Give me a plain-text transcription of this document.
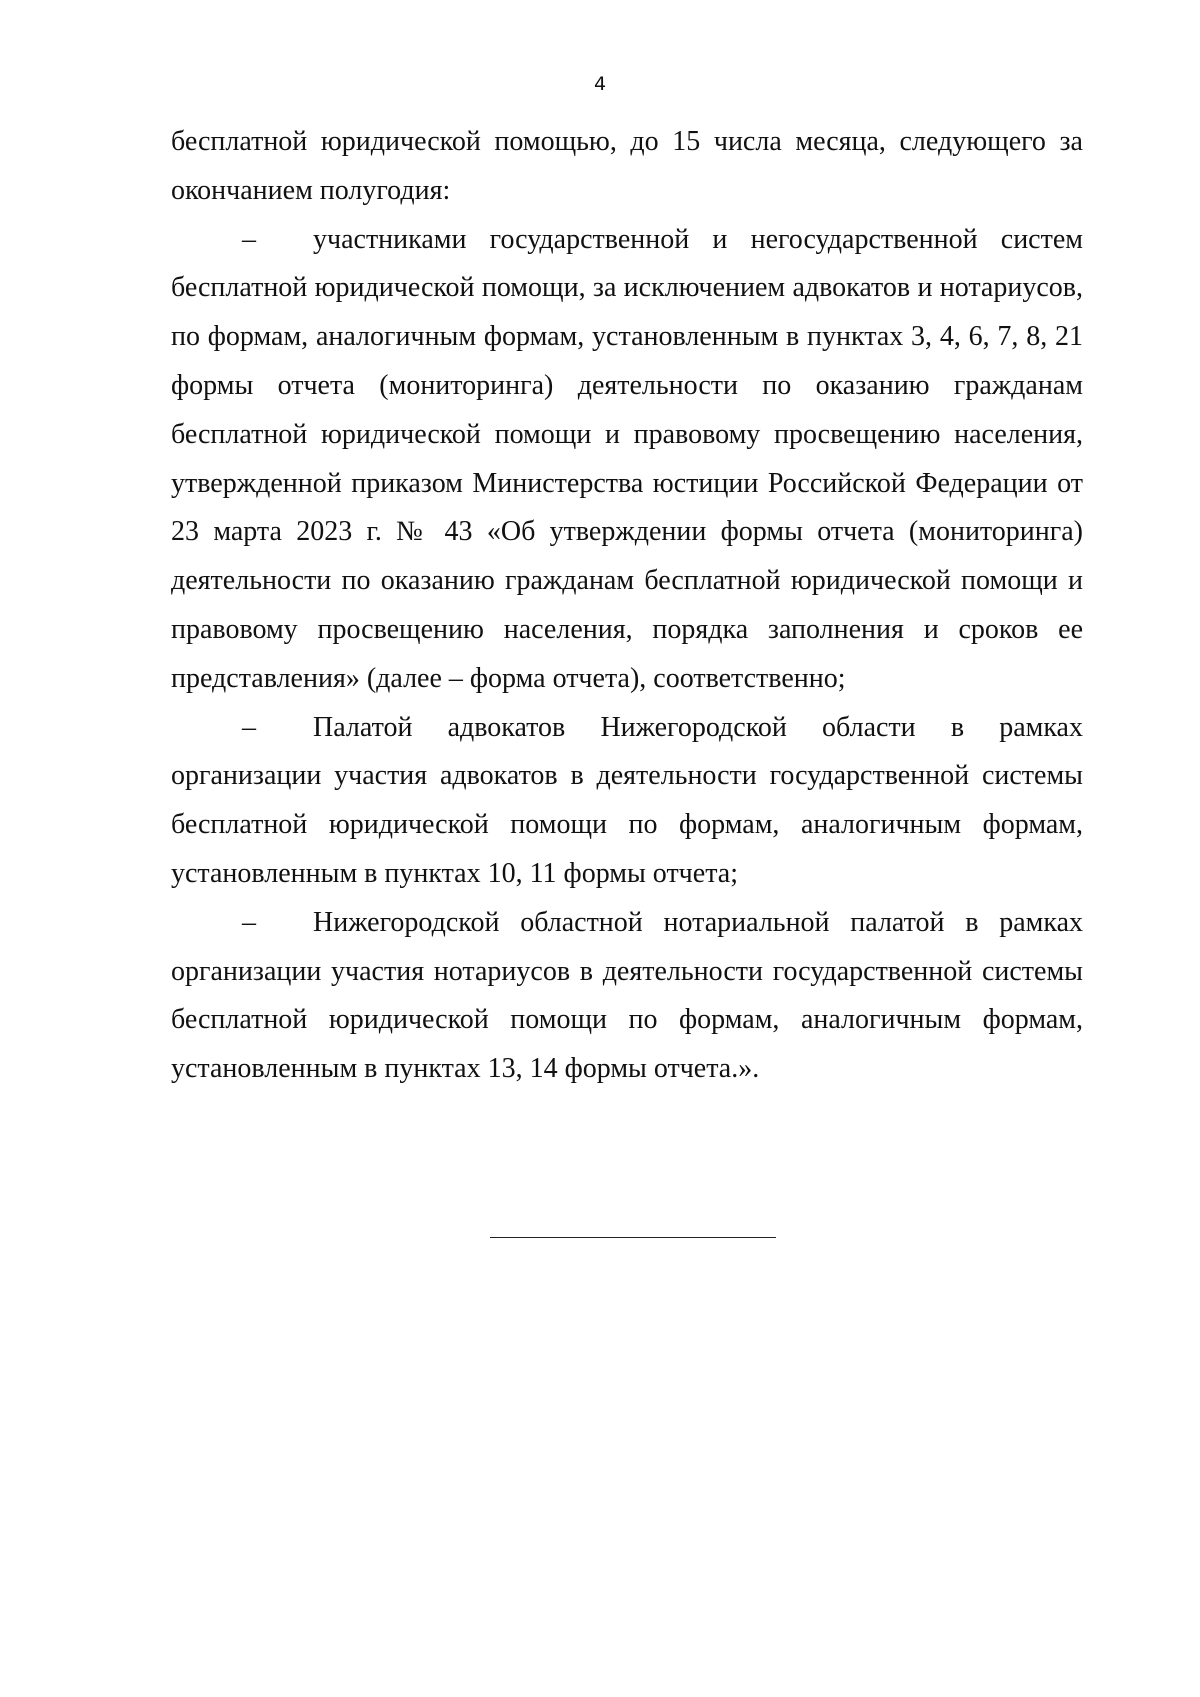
4

бесплатной юридической помощью, до 15 числа месяца, следующего за окончанием полугодия:

– участниками государственной и негосударственной систем бесплатной юридической помощи, за исключением адвокатов и нотариусов, по формам, аналогичным формам, установленным в пунктах 3, 4, 6, 7, 8, 21 формы отчета (мониторинга) деятельности по оказанию гражданам бесплатной юридической помощи и правовому просвещению населения, утвержденной приказом Министерства юстиции Российской Федерации от 23 марта 2023 г. № 43 «Об утверждении формы отчета (мониторинга) деятельности по оказанию гражданам бесплатной юридической помощи и правовому просвещению населения, порядка заполнения и сроков ее представления» (далее – форма отчета), соответственно;

– Палатой адвокатов Нижегородской области в рамках организации участия адвокатов в деятельности государственной системы бесплатной юридической помощи по формам, аналогичным формам, установленным в пунктах 10, 11 формы отчета;

– Нижегородской областной нотариальной палатой в рамках организации участия нотариусов в деятельности государственной системы бесплатной юридической помощи по формам, аналогичным формам, установленным в пунктах 13, 14 формы отчета.».
